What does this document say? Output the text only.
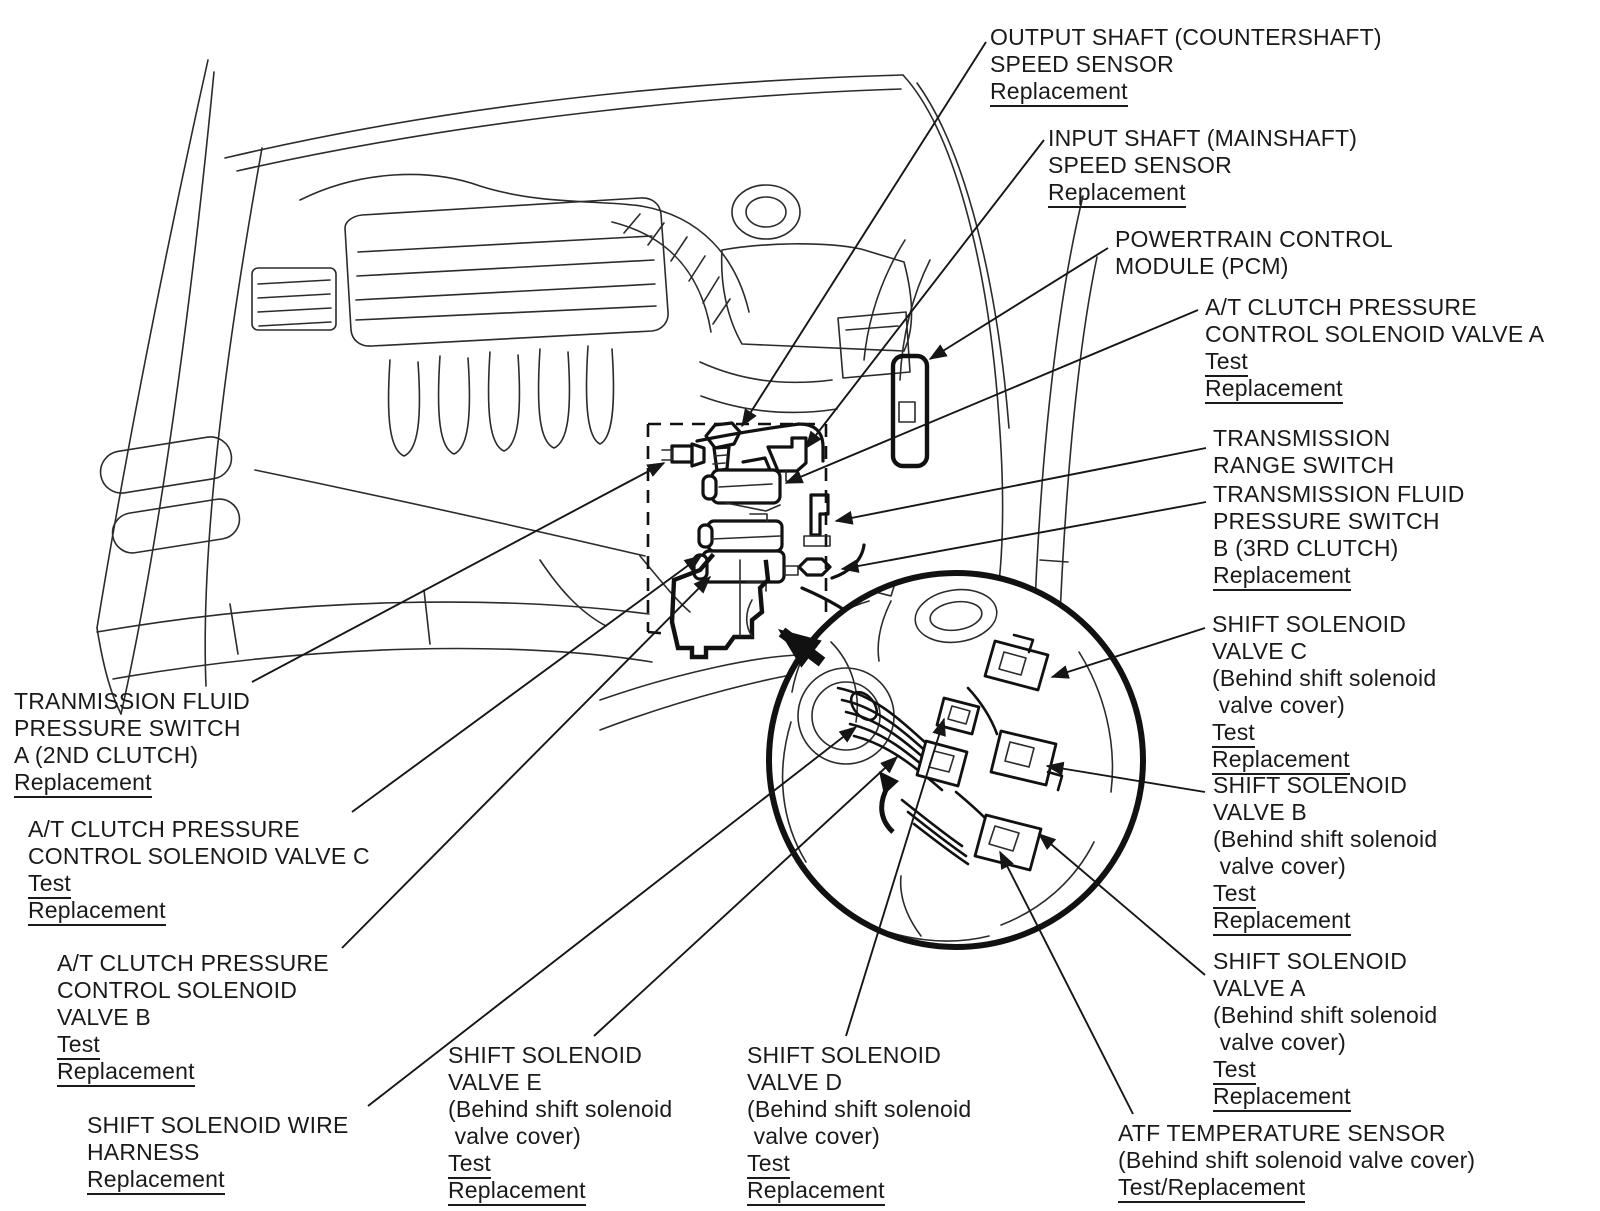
OUTPUT SHAFT (COUNTERSHAFT)
SPEED SENSOR
Replacement
INPUT SHAFT (MAINSHAFT)
SPEED SENSOR
Replacement
POWERTRAIN CONTROL
MODULE (PCM)
A/T CLUTCH PRESSURE
CONTROL SOLENOID VALVE A
Test
Replacement
TRANSMISSION
RANGE SWITCH
TRANSMISSION FLUID
PRESSURE SWITCH
B (3RD CLUTCH)
Replacement
SHIFT SOLENOID
VALVE C
(Behind shift solenoid
valve cover)
Test
Replacement
SHIFT SOLENOID
VALVE B
(Behind shift solenoid
valve cover)
Test
Replacement
SHIFT SOLENOID
VALVE A
(Behind shift solenoid
valve cover)
Test
Replacement
ATF TEMPERATURE SENSOR
(Behind shift solenoid valve cover)
Test/Replacement
TRANMISSION FLUID
PRESSURE SWITCH
A (2ND CLUTCH)
Replacement
A/T CLUTCH PRESSURE
CONTROL SOLENOID VALVE C
Test
Replacement
A/T CLUTCH PRESSURE
CONTROL SOLENOID
VALVE B
Test
Replacement
SHIFT SOLENOID WIRE
HARNESS
Replacement
SHIFT SOLENOID
VALVE E
(Behind shift solenoid
valve cover)
Test
Replacement
SHIFT SOLENOID
VALVE D
(Behind shift solenoid
valve cover)
Test
Replacement
